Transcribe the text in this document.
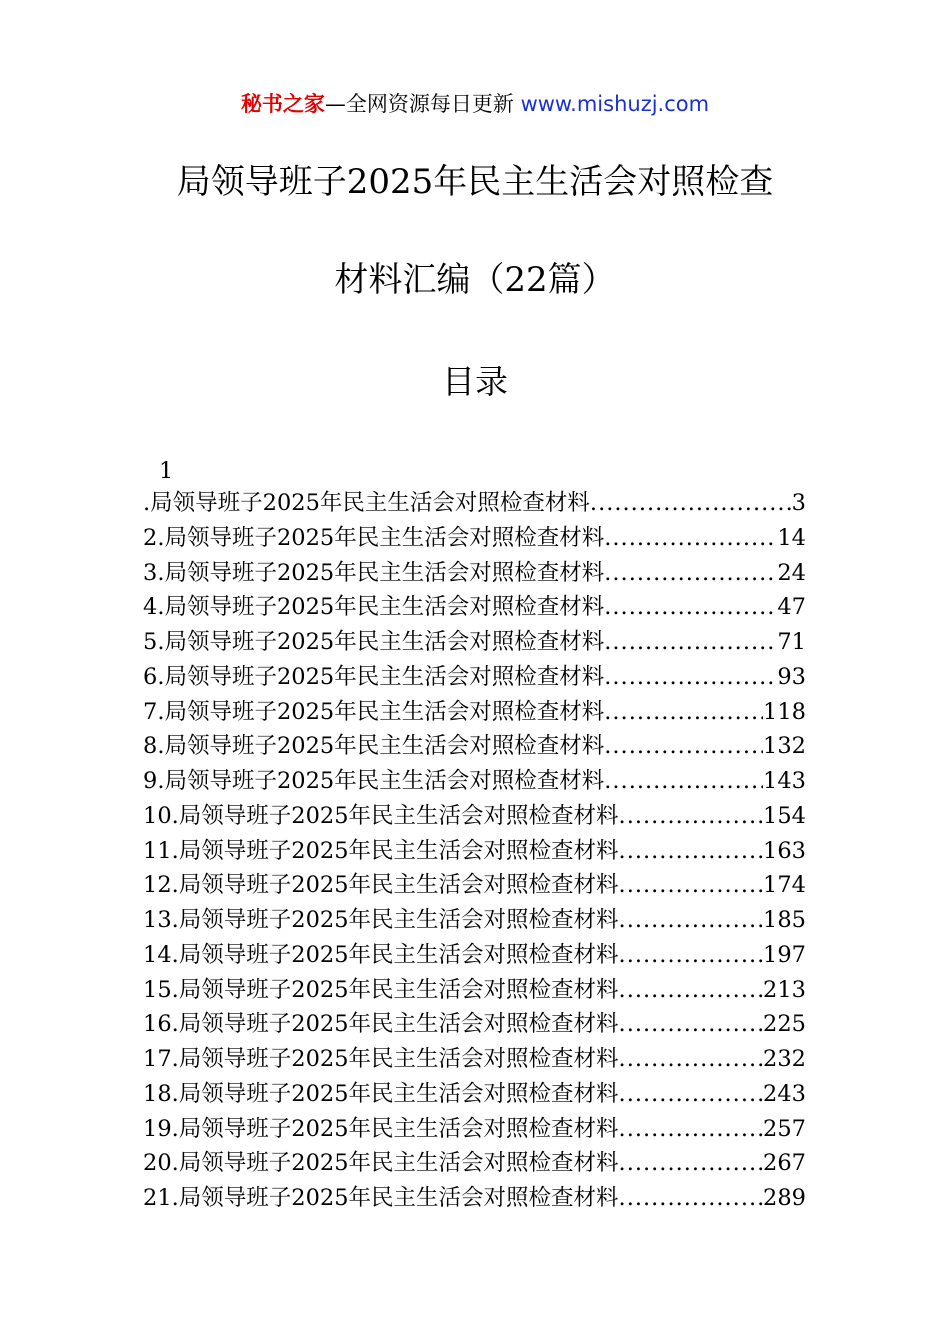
秘书之家—全网资源每日更新 www.mishuzj.com
局领导班子2025年民主生活会对照检查
材料汇编（22篇）
目录
1
.局领导班子2025年民主生活会对照检查材料 .....	3
2.局领导班子2025年民主生活会对照检查材料 .....	14
3.局领导班子2025年民主生活会对照检查材料 .....	24
4.局领导班子2025年民主生活会对照检查材料 .....	47
5.局领导班子2025年民主生活会对照检查材料 .....	71
6.局领导班子2025年民主生活会对照检查材料 .....	93
7.局领导班子2025年民主生活会对照检查材料 .....	118
8.局领导班子2025年民主生活会对照检查材料 .....	132
9.局领导班子2025年民主生活会对照检查材料 .....	143
10.局领导班子2025年民主生活会对照检查材料 .....	154
11.局领导班子2025年民主生活会对照检查材料 .....	163
12.局领导班子2025年民主生活会对照检查材料 .....	174
13.局领导班子2025年民主生活会对照检查材料 .....	185
14.局领导班子2025年民主生活会对照检查材料 .....	197
15.局领导班子2025年民主生活会对照检查材料 .....	213
16.局领导班子2025年民主生活会对照检查材料 .....	225
17.局领导班子2025年民主生活会对照检查材料 .....	232
18.局领导班子2025年民主生活会对照检查材料 .....	243
19.局领导班子2025年民主生活会对照检查材料 .....	257
20.局领导班子2025年民主生活会对照检查材料 .....	267
21.局领导班子2025年民主生活会对照检查材料 .....	289
